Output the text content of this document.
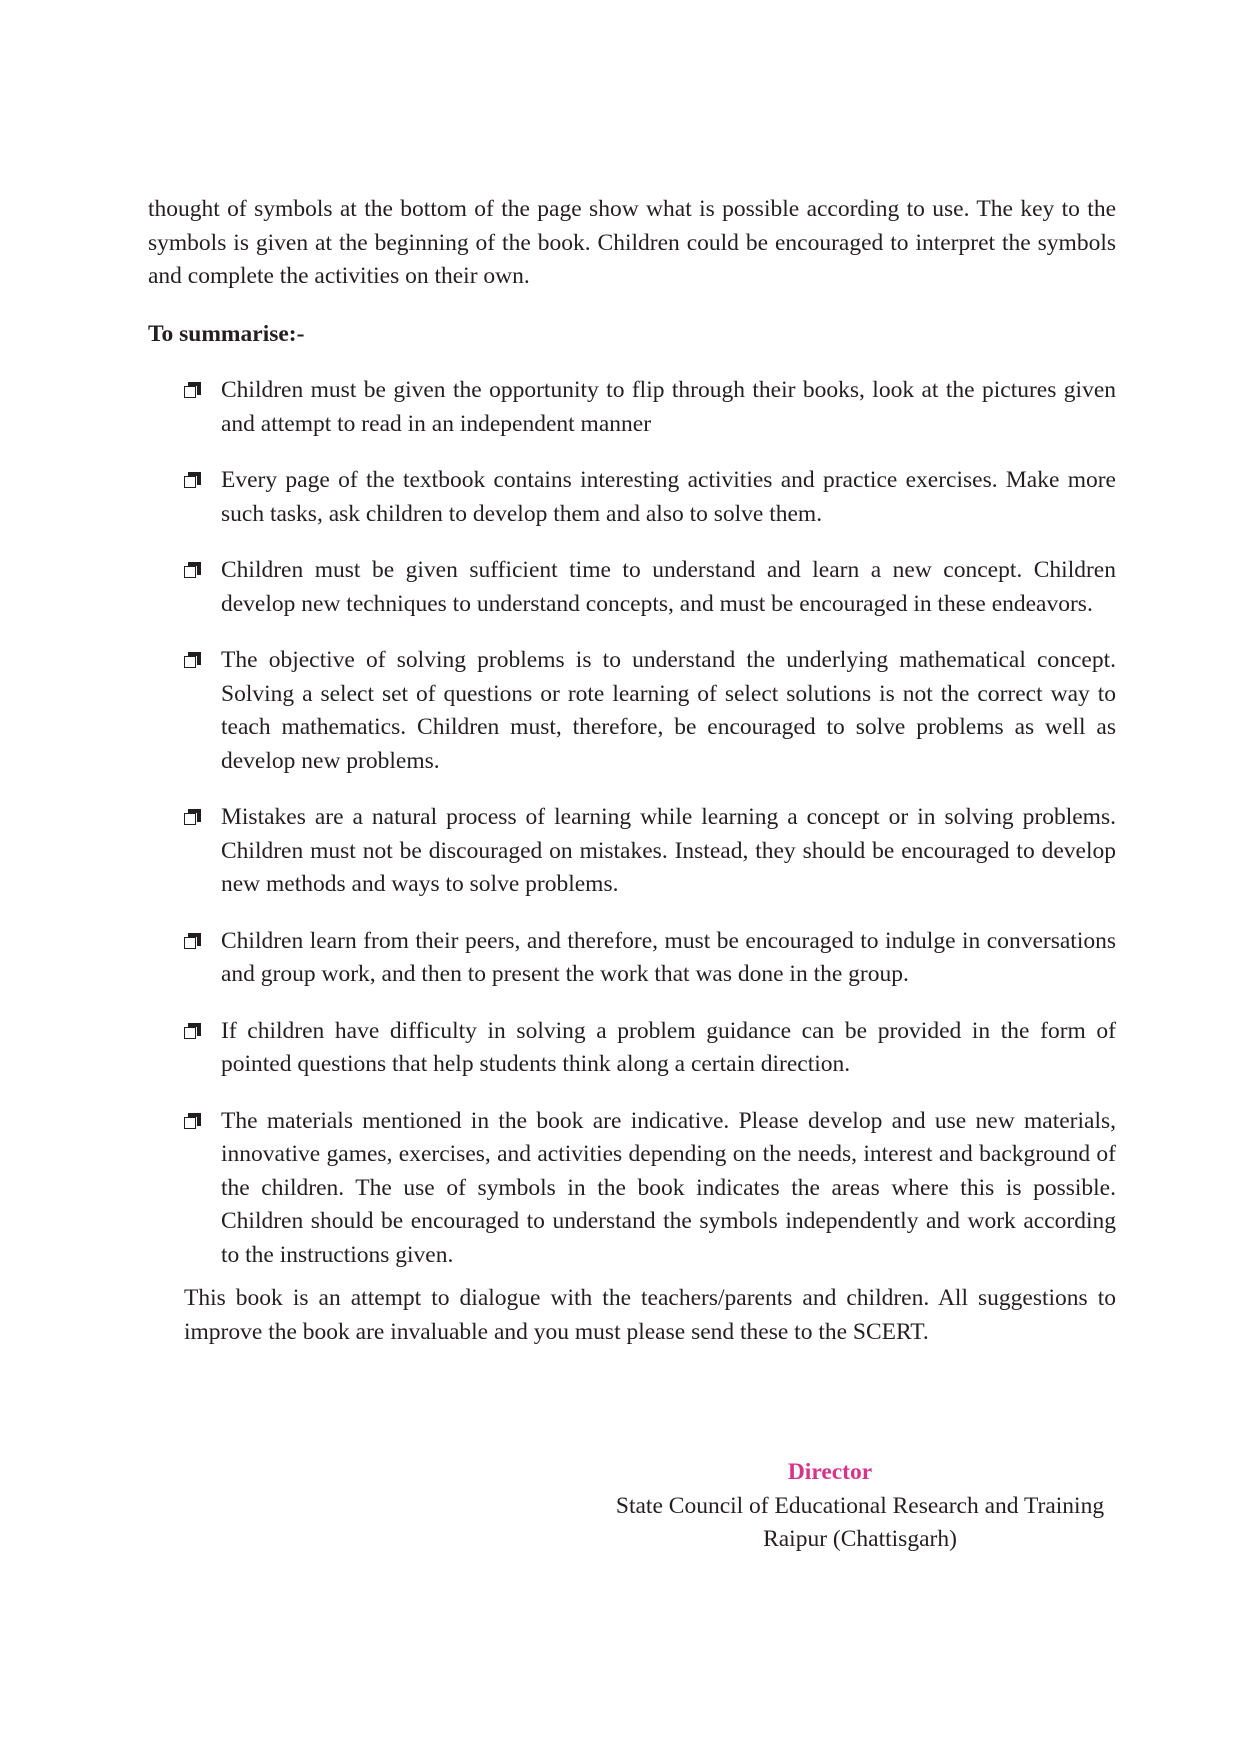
thought of symbols at the bottom of the page show what is possible according to use. The key to the symbols is given at the beginning of the book. Children could be encouraged to interpret the symbols and complete the activities on their own.

To summarise:-
Children must be given the opportunity to flip through their books, look at the pictures given and attempt to read in an independent manner
Every page of the textbook contains interesting activities and practice exercises. Make more such tasks, ask children to develop them and also to solve them.
Children must be given sufficient time to understand and learn a new concept. Children develop new techniques to understand concepts, and must be encouraged in these endeavors.
The objective of solving problems is to understand the underlying mathematical concept. Solving a select set of questions or rote learning of select solutions is not the correct way to teach mathematics. Children must, therefore, be encouraged to solve problems as well as develop new problems.
Mistakes are a natural process of learning while learning a concept or in solving problems. Children must not be discouraged on mistakes. Instead, they should be encouraged to develop new methods and ways to solve problems.
Children learn from their peers, and therefore, must be encouraged to indulge in conversations and group work, and then to present the work that was done in the group.
If children have difficulty in solving a problem guidance can be provided in the form of pointed questions that help students think along a certain direction.
The materials mentioned in the book are indicative. Please develop and use new materials, innovative games, exercises, and activities depending on the needs, interest and background of the children. The use of symbols in the book indicates the areas where this is possible. Children should be encouraged to understand the symbols independently and work according to the instructions given.

This book is an attempt to dialogue with the teachers/parents and children. All suggestions to improve the book are invaluable and you must please send these to the SCERT.

Director
State Council of Educational Research and Training
Raipur (Chattisgarh)
